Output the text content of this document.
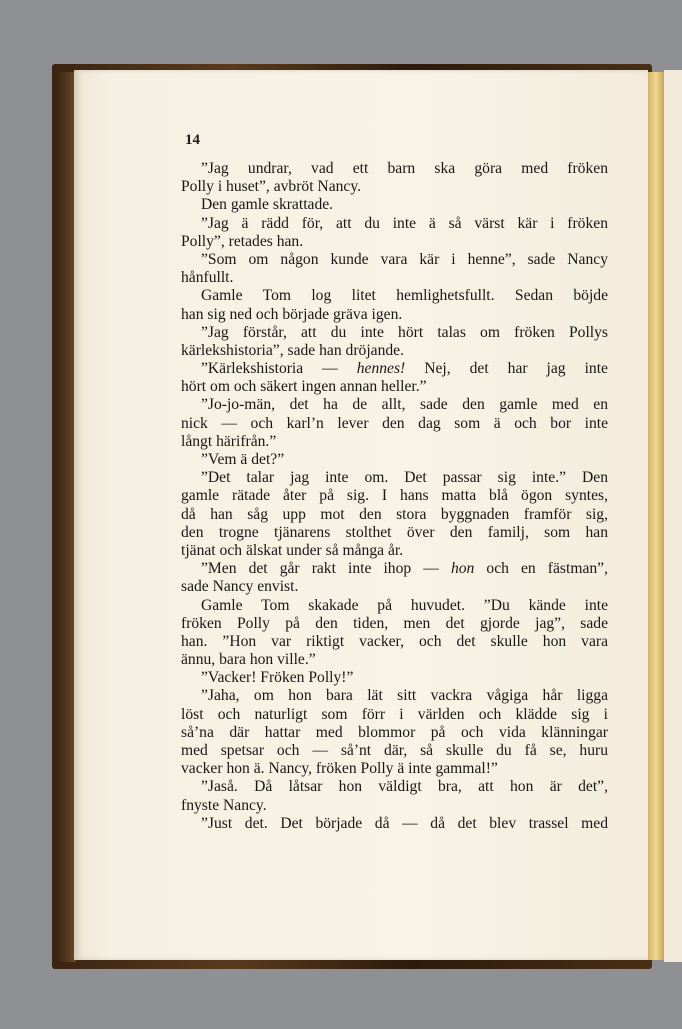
14
”Jag undrar, vad ett barn ska göra med fröken
Polly i huset”, avbröt Nancy.
Den gamle skrattade.
”Jag ä rädd för, att du inte ä så värst kär i fröken
Polly”, retades han.
”Som om någon kunde vara kär i henne”, sade Nancy
hånfullt.
Gamle Tom log litet hemlighetsfullt. Sedan böjde
han sig ned och började gräva igen.
”Jag förstår, att du inte hört talas om fröken Pollys
kärlekshistoria”, sade han dröjande.
”Kärlekshistoria — hennes! Nej, det har jag inte
hört om och säkert ingen annan heller.”
”Jo-jo-män, det ha de allt, sade den gamle med en
nick — och karl’n lever den dag som ä och bor inte
långt härifrån.”
”Vem ä det?”
”Det talar jag inte om. Det passar sig inte.” Den
gamle rätade åter på sig. I hans matta blå ögon syntes,
då han såg upp mot den stora byggnaden framför sig,
den trogne tjänarens stolthet över den familj, som han
tjänat och älskat under så många år.
”Men det går rakt inte ihop — hon och en fästman”,
sade Nancy envist.
Gamle Tom skakade på huvudet. ”Du kände inte
fröken Polly på den tiden, men det gjorde jag”, sade
han. ”Hon var riktigt vacker, och det skulle hon vara
ännu, bara hon ville.”
”Vacker! Fröken Polly!”
”Jaha, om hon bara lät sitt vackra vågiga hår ligga
löst och naturligt som förr i världen och klädde sig i
så’na där hattar med blommor på och vida klänningar
med spetsar och — så’nt där, så skulle du få se, huru
vacker hon ä. Nancy, fröken Polly ä inte gammal!”
”Jaså. Då låtsar hon väldigt bra, att hon är det”,
fnyste Nancy.
”Just det. Det började då — då det blev trassel med
